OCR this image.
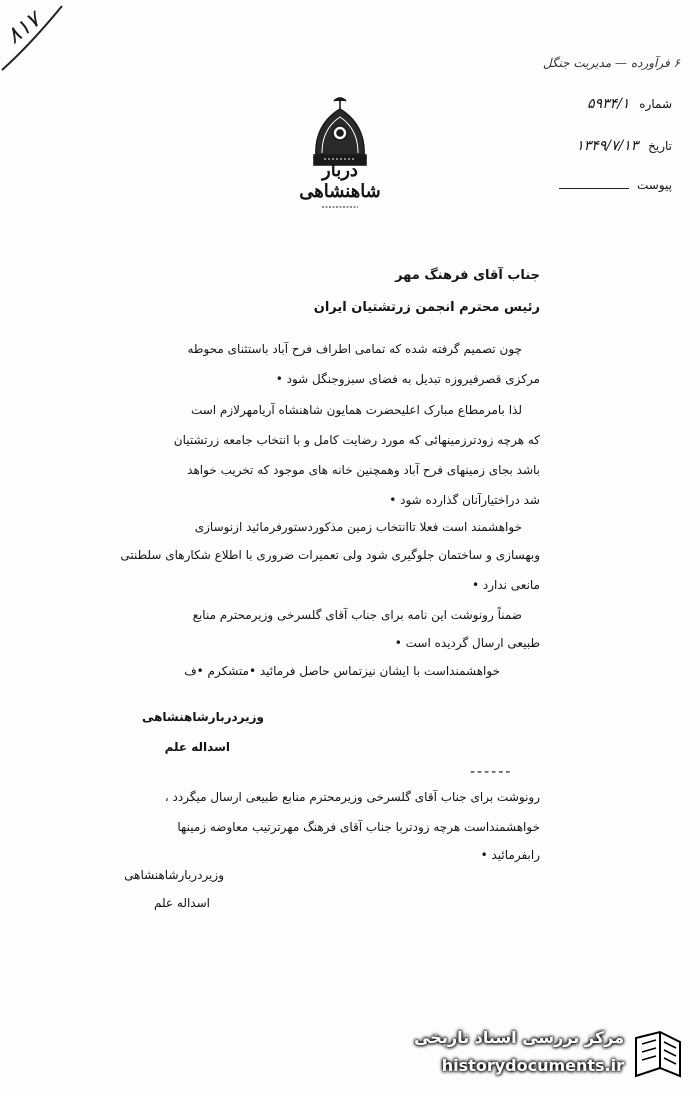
۸۱۷
۶ فرآورده — مدیریت جنگل
دربار شاهنشاهی
شماره ۵۹۳۴/۱
تاریخ ۱۳۴۹/۷/۱۳
پیوست
جناب آقای فرهنگ مهر
رئیس محترم انجمن زرتشتیان ایران
چون تصمیم گرفته شده که تمامی اطراف فرح آباد باستثنای محوطه
مرکزی قصرفیروزه تبدیل به فضای سبزوجنگل شود •
لذا بامرمطاع مبارک اعلیحضرت همایون شاهنشاه آریامهرلازم است
که هرچه زودترزمینهائی که مورد رضایت کامل و با انتخاب جامعه زرتشتیان
باشد بجای زمینهای فرح آباد وهمچنین خانه های موجود که تخریب خواهد
شد دراختیارآنان گذارده شود •
خواهشمند است فعلا تاانتخاب زمین مذکوردستورفرمائید ازنوسازی
وبهسازی و ساختمان جلوگیری شود ولی تعمیرات ضروری با اطلاع شکارهای سلطنتی
مانعی ندارد •
ضمناً رونوشت این نامه برای جناب آقای گلسرخی وزیرمحترم منابع
طبیعی ارسال گردیده است •
خواهشمنداست با ایشان نیزتماس حاصل فرمائید •متشکرم •ف
وزیردربارشاهنشاهی
اسداله علم
------
رونوشت برای جناب آقای گلسرخی وزیرمحترم منابع طبیعی ارسال میگردد ،
خواهشمنداست هرچه زودتربا جناب آقای فرهنگ مهرترتیب معاوضه زمینها
رابفرمائید •
وزیردربارشاهنشاهی
اسداله علم
مرکز بررسی اسناد تاریخی
historydocuments.ir
